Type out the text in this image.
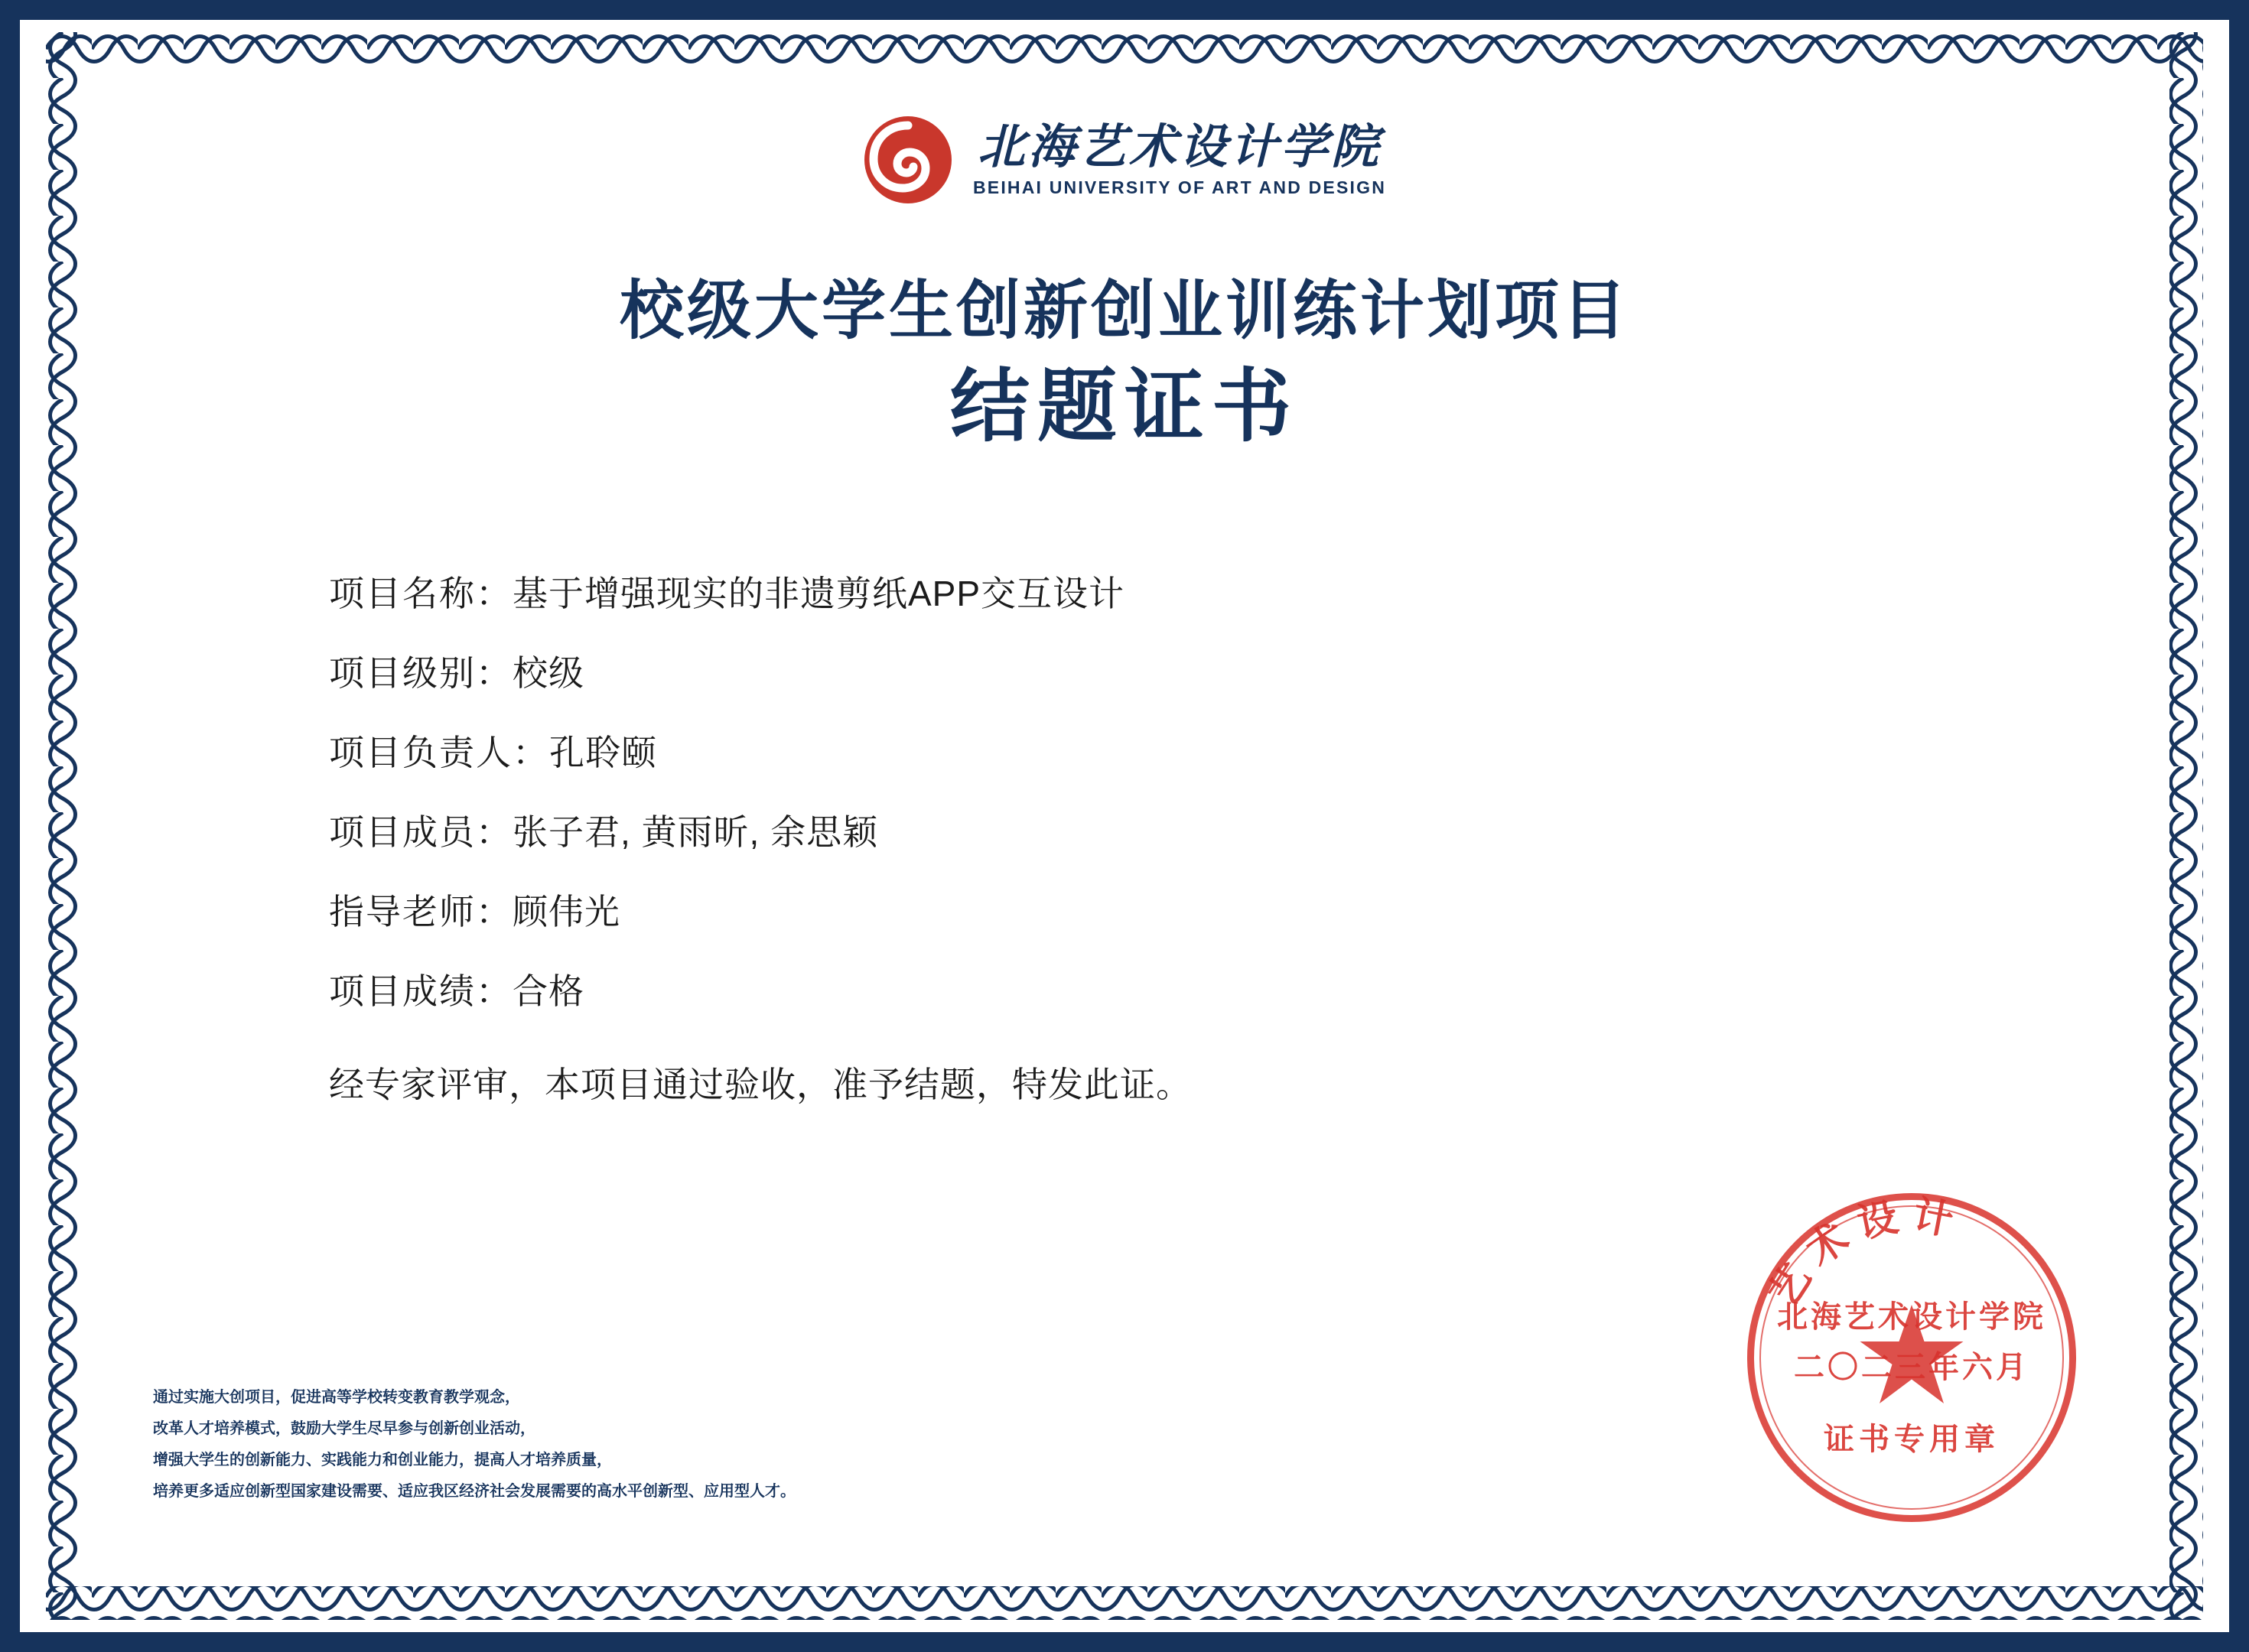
北海艺术设计学院
BEIHAI UNIVERSITY OF ART AND DESIGN
校级大学生创新创业训练计划项目
结题证书
项目名称： 基于增强现实的非遗剪纸APP交互设计
项目级别： 校级
项目负责人： 孔聆颐
项目成员： 张子君, 黄雨昕, 余思颖
指导老师： 顾伟光
项目成绩： 合格
经专家评审，本项目通过验收，准予结题，特发此证。
通过实施大创项目，促进高等学校转变教育教学观念，
改革人才培养模式，鼓励大学生尽早参与创新创业活动，
增强大学生的创新能力、实践能力和创业能力，提高人才培养质量，
培养更多适应创新型国家建设需要、适应我区经济社会发展需要的高水平创新型、应用型人才。
艺术设计
北海艺术设计学院
二〇二三年六月
证书专用章
